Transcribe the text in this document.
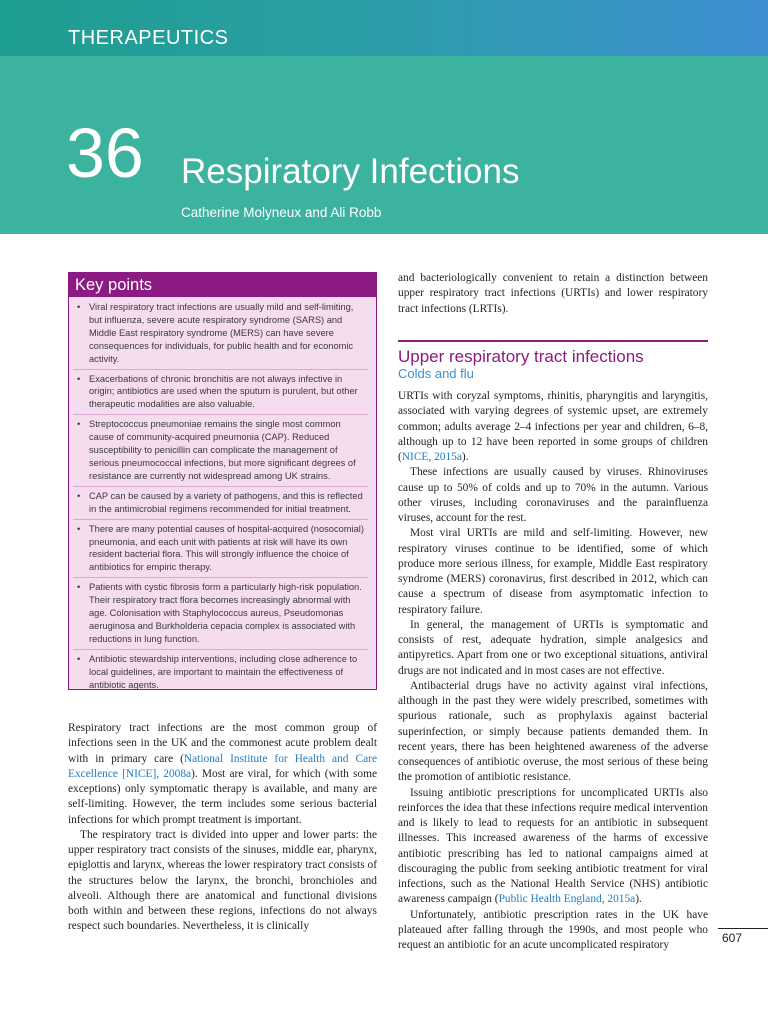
THERAPEUTICS
36 Respiratory Infections
Catherine Molyneux and Ali Robb
Key points
• Viral respiratory tract infections are usually mild and self-limiting, but influenza, severe acute respiratory syndrome (SARS) and Middle East respiratory syndrome (MERS) can have severe consequences for individuals, for public health and for economic activity.
• Exacerbations of chronic bronchitis are not always infective in origin; antibiotics are used when the sputum is purulent, but other therapeutic modalities are also valuable.
• Streptococcus pneumoniae remains the single most common cause of community-acquired pneumonia (CAP). Reduced susceptibility to penicillin can complicate the management of serious pneumococcal infections, but more significant degrees of resistance are currently not widespread among UK strains.
• CAP can be caused by a variety of pathogens, and this is reflected in the antimicrobial regimens recommended for initial treatment.
• There are many potential causes of hospital-acquired (nosocomial) pneumonia, and each unit with patients at risk will have its own resident bacterial flora. This will strongly influence the choice of antibiotics for empiric therapy.
• Patients with cystic fibrosis form a particularly high-risk population. Their respiratory tract flora becomes increasingly abnormal with age. Colonisation with Staphylococcus aureus, Pseudomonas aeruginosa and Burkholderia cepacia complex is associated with reductions in lung function.
• Antibiotic stewardship interventions, including close adherence to local guidelines, are important to maintain the effectiveness of antibiotic agents.

Respiratory tract infections are the most common group of infections seen in the UK and the commonest acute problem dealt with in primary care (National Institute for Health and Care Excellence [NICE], 2008a). Most are viral, for which (with some exceptions) only symptomatic therapy is available, and many are self-limiting. However, the term includes some serious bacterial infections for which prompt treatment is important.

The respiratory tract is divided into upper and lower parts: the upper respiratory tract consists of the sinuses, middle ear, pharynx, epiglottis and larynx, whereas the lower respiratory tract consists of the structures below the larynx, the bronchi, bronchioles and alveoli. Although there are anatomical and functional divisions both within and between these regions, infections do not always respect such boundaries. Nevertheless, it is clinically

and bacteriologically convenient to retain a distinction between upper respiratory tract infections (URTIs) and lower respiratory tract infections (LRTIs).

Upper respiratory tract infections
Colds and flu

URTIs with coryzal symptoms, rhinitis, pharyngitis and laryngitis, associated with varying degrees of systemic upset, are extremely common; adults average 2–4 infections per year and children, 6–8, although up to 12 have been reported in some groups of children (NICE, 2015a).

These infections are usually caused by viruses. Rhinoviruses cause up to 50% of colds and up to 70% in the autumn. Various other viruses, including coronaviruses and the parainfluenza viruses, account for the rest.

Most viral URTIs are mild and self-limiting. However, new respiratory viruses continue to be identified, some of which produce more serious illness, for example, Middle East respiratory syndrome (MERS) coronavirus, first described in 2012, which can cause a spectrum of disease from asymptomatic infection to respiratory failure.

In general, the management of URTIs is symptomatic and consists of rest, adequate hydration, simple analgesics and antipyretics. Apart from one or two exceptional situations, antiviral drugs are not indicated and in most cases are not effective.

Antibacterial drugs have no activity against viral infections, although in the past they were widely prescribed, sometimes with spurious rationale, such as prophylaxis against bacterial superinfection, or simply because patients demanded them. In recent years, there has been heightened awareness of the adverse consequences of antibiotic overuse, the most serious of these being the promotion of antibiotic resistance.

Issuing antibiotic prescriptions for uncomplicated URTIs also reinforces the idea that these infections require medical intervention and is likely to lead to requests for an antibiotic in subsequent illnesses. This increased awareness of the harms of excessive antibiotic prescribing has led to national campaigns aimed at discouraging the public from seeking antibiotic treatment for viral infections, such as the National Health Service (NHS) antibiotic awareness campaign (Public Health England, 2015a).

Unfortunately, antibiotic prescription rates in the UK have plateaued after falling through the 1990s, and most people who request an antibiotic for an acute uncomplicated respiratory	607
